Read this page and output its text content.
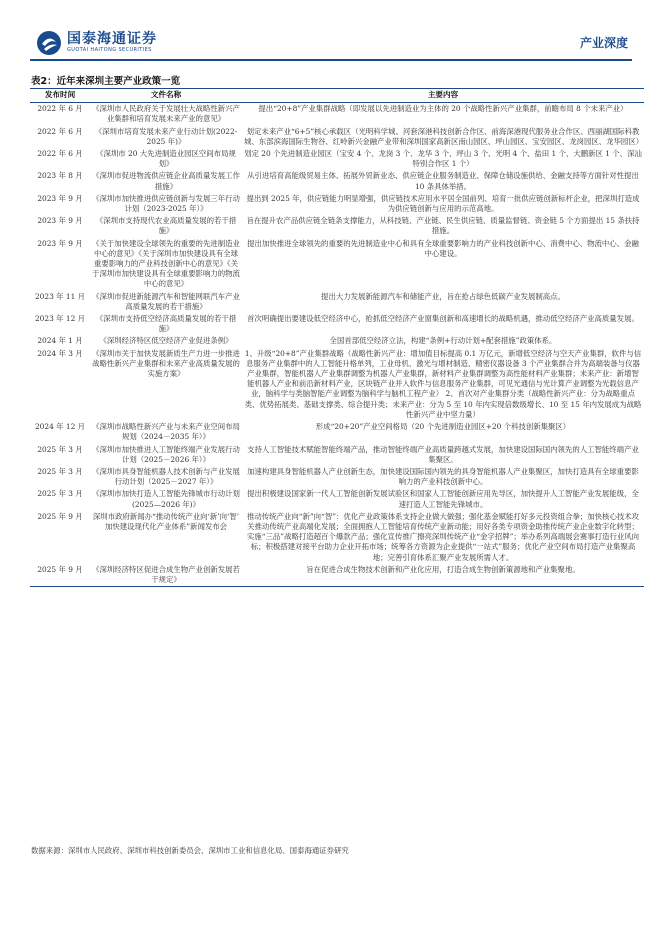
国泰海通证券
GUOTAI HAITONG SECURITIES	产业深度
表2：近年来深圳主要产业政策一览
发布时间	文件名称	主要内容
2022 年 6 月	《深圳市人民政府关于发展壮大战略性新兴产业集群和培育发展未来产业的意见》	提出“20+8”产业集群战略（即发展以先进制造业为主体的 20 个战略性新兴产业集群，前瞻布局 8 个未来产业）
2022 年 6 月	《深圳市培育发展未来产业行动计划(2022-2025 年)》	划定未来产业“6+5”核心承载区（光明科学城、河套深港科技创新合作区、前海深港现代服务业合作区、西丽湖国际科教城、东部滨海国际生物谷、红岭新兴金融产业带和深圳国家高新区南山园区、坪山园区、宝安园区、龙岗园区、龙华园区）
2022 年 6 月	《深圳市 20 大先进制造业园区空间布局规划》	划定 20 个先进制造业园区（宝安 4 个、龙岗 3 个、龙华 3 个、坪山 3 个、光明 4 个、盐田 1 个、大鹏新区 1 个、深汕特别合作区 1 个）
2023 年 8 月	《深圳市促进物流供应链企业高质量发展工作措施》	从引进培育高能级贸易主体、拓展外贸新业态、供应链企业服务制造业、保障仓储设施供给、金融支持等方面针对性提出 10 条具体举措。
2023 年 9 月	《深圳市加快推进供应链创新与发展三年行动计划（2023-2025 年）》	提出到 2025 年，供应链能力明显增强，供应链技术应用水平居全国前列、培育一批供应链创新标杆企业，把深圳打造成为供应链创新与应用的示范高地。
2023 年 9 月	《深圳市支持现代农业高质量发展的若干措施》	旨在提升农产品供应链全链条支撑能力，从科技链、产业链、民生供应链、质量监督链、资金链 5 个方面提出 15 条扶持措施。
2023 年 9 月	《关于加快建设全球领先的重要的先进制造业中心的意见》《关于深圳市加快建设具有全球重要影响力的产业科技创新中心的意见》《关于深圳市加快建设具有全球重要影响力的物流中心的意见》	提出加快推进全球领先的重要的先进制造业中心和具有全球重要影响力的产业科技创新中心、消费中心、物流中心、金融中心建设。
2023 年 11 月	《深圳市促进新能源汽车和智能网联汽车产业高质量发展的若干措施》	提出大力发展新能源汽车和储能产业，旨在抢占绿色低碳产业发展制高点。
2023 年 12 月	《深圳市支持低空经济高质量发展的若干措施》	首次明确提出要建设低空经济中心，抢抓低空经济产业窗集创新和高速增长的战略机遇，推动低空经济产业高质量发展。
2024 年 1 月	《深圳经济特区低空经济产业促进条例》	全国首部低空经济立法，构建“条例+行动计划+配套措施”政策体系。
2024 年 3 月	《深圳市关于加快发展新质生产力进一步推进战略性新兴产业集群和未来产业高质量发展的实施方案》	1、升级“20+8”产业集群战略（战略性新兴产业：增加值目标提高 0.1 万亿元，新增低空经济与空天产业集群，软件与信息服务产业集群中的人工智能升格单列，工业母机、激光与增材制造、精密仪器设备 3 个产业集群合并为高端装备与仪器产业集群，智能机器人产业集群调整为机器人产业集群，新材料产业集群调整为高性能材料产业集群；未来产业：新增智能机器人产业和前沿新材料产业，区块链产业并入软件与信息服务产业集群，可见光通信与光计算产业调整为光载信息产业，脑科学与类脑智能产业调整为脑科学与脑机工程产业） 2、首次对产业集群分类（战略性新兴产业：分为战略重点类、优势拓展类、基础支撑类、综合提升类；未来产业：分为 5 至 10 年内实现倍数级增长、10 至 15 年内发展成为战略性新兴产业中坚力量）
2024 年 12 月	《深圳市战略性新兴产业与未来产业空间布局规划（2024－2035 年）》	形成“20+20”产业空间格局（20 个先进制造业园区+20 个科技创新集聚区）
2025 年 3 月	《深圳市加快推进人工智能终端产业发展行动计划（2025－2026 年）》	支持人工智能技术赋能智能终端产品，推动智能终端产业高质量跨越式发展，加快建设国际国内领先的人工智能终端产业集聚区。
2025 年 3 月	《深圳市具身智能机器人技术创新与产业发展行动计划（2025－2027 年）》	加速构建具身智能机器人产业创新生态，加快建设国际国内领先的具身智能机器人产业集聚区，加快打造具有全球重要影响力的产业科技创新中心。
2025 年 3 月	《深圳市加快打造人工智能先锋城市行动计划(2025—2026 年)》	提出积极建设国家新一代人工智能创新发展试验区和国家人工智能创新应用先导区，加快提升人工智能产业发展能级，全速打造人工智能先锋城市。
2025 年 9 月	深圳市政府新闻办“推动传统产业向‘新’向‘智’ 加快建设现代化产业体系”新闻发布会	推动传统产业向“新”向“智”：优化产业政策体系支持企业做大做强；强化基金赋能打好多元投资组合拳；加快核心技术攻关推动传统产业高端化发展；全面拥抱人工智能培育传统产业新动能；用好各类专项资金助推传统产业企业数字化转型；实施“三品”战略打造超百个爆款产品；强化宣传推广擦亮深圳传统产业“金字招牌”；举办系列高端展会赛事打造行业风向标；积极搭建对接平台助力企业开拓市场；统筹各方资源为企业提供“一站式”服务；优化产业空间布局打造产业集聚高地；完善引育体系汇聚产业发展所需人才。
2025 年 9 月	《深圳经济特区促进合成生物产业创新发展若干规定》	旨在促进合成生物技术创新和产业化应用，打造合成生物创新策源地和产业集聚地。
数据来源：深圳市人民政府、深圳市科技创新委员会、深圳市工业和信息化局、国泰海通证券研究
